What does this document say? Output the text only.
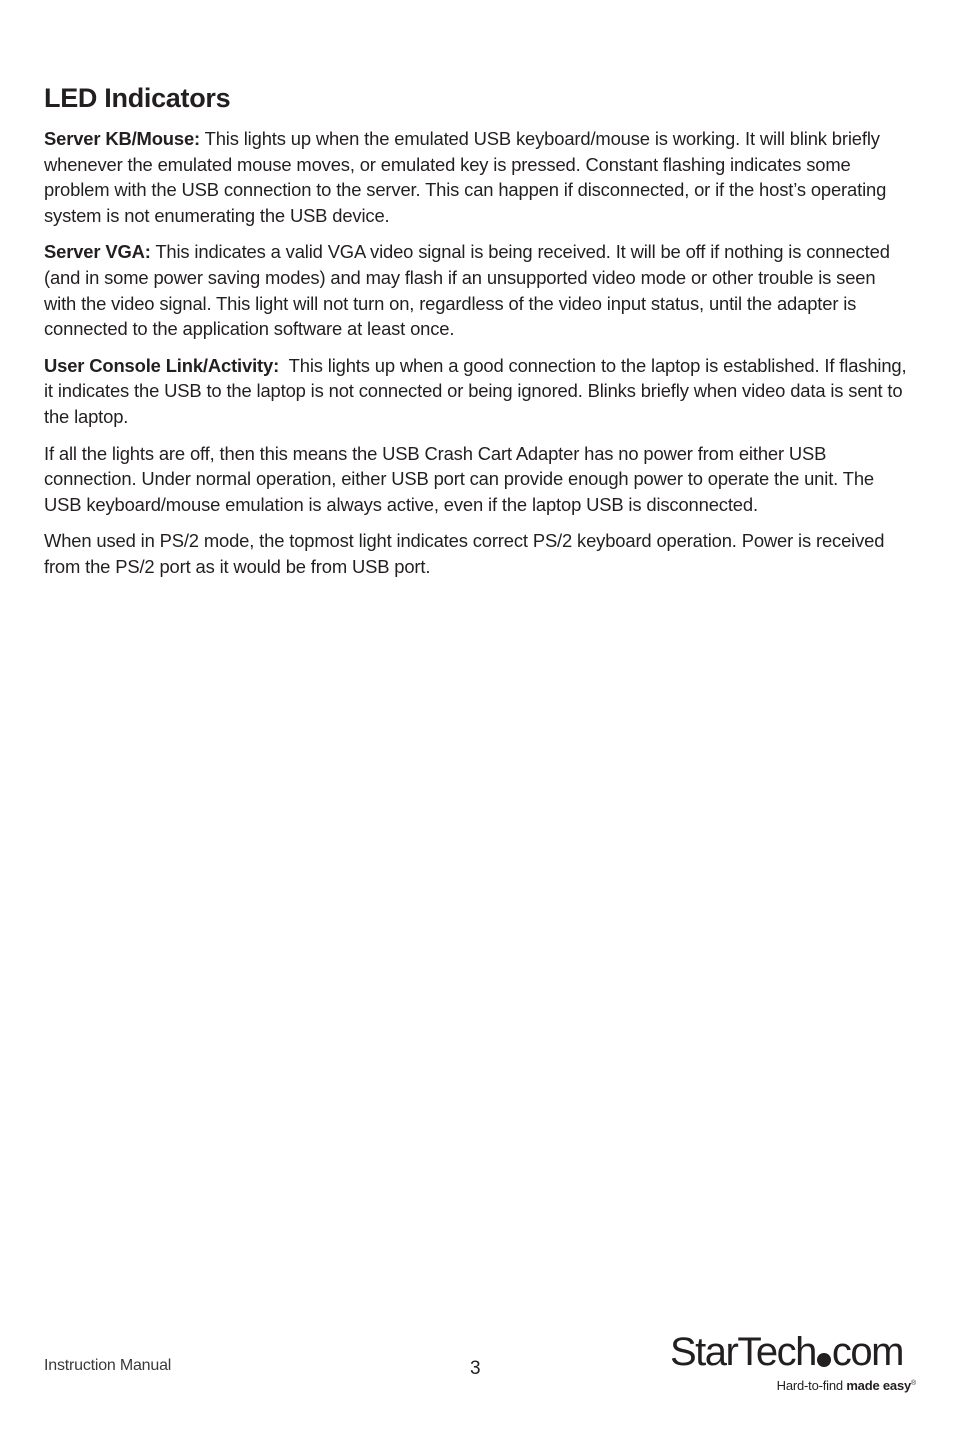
LED Indicators

Server KB/Mouse: This lights up when the emulated USB keyboard/mouse is working. It will blink briefly whenever the emulated mouse moves, or emulated key is pressed. Constant flashing indicates some problem with the USB connection to the server. This can happen if disconnected, or if the host’s operating system is not enumerating the USB device.

Server VGA: This indicates a valid VGA video signal is being received. It will be off if nothing is connected (and in some power saving modes) and may flash if an unsupported video mode or other trouble is seen with the video signal. This light will not turn on, regardless of the video input status, until the adapter is connected to the application software at least once.

User Console Link/Activity:  This lights up when a good connection to the laptop is established. If flashing, it indicates the USB to the laptop is not connected or being ignored. Blinks briefly when video data is sent to the laptop.

If all the lights are off, then this means the USB Crash Cart Adapter has no power from either USB connection. Under normal operation, either USB port can provide enough power to operate the unit. The USB keyboard/mouse emulation is always active, even if the laptop USB is disconnected.

When used in PS/2 mode, the topmost light indicates correct PS/2 keyboard operation. Power is received from the PS/2 port as it would be from USB port.

Instruction Manual	3	StarTech com
Hard-to-find made easy®
